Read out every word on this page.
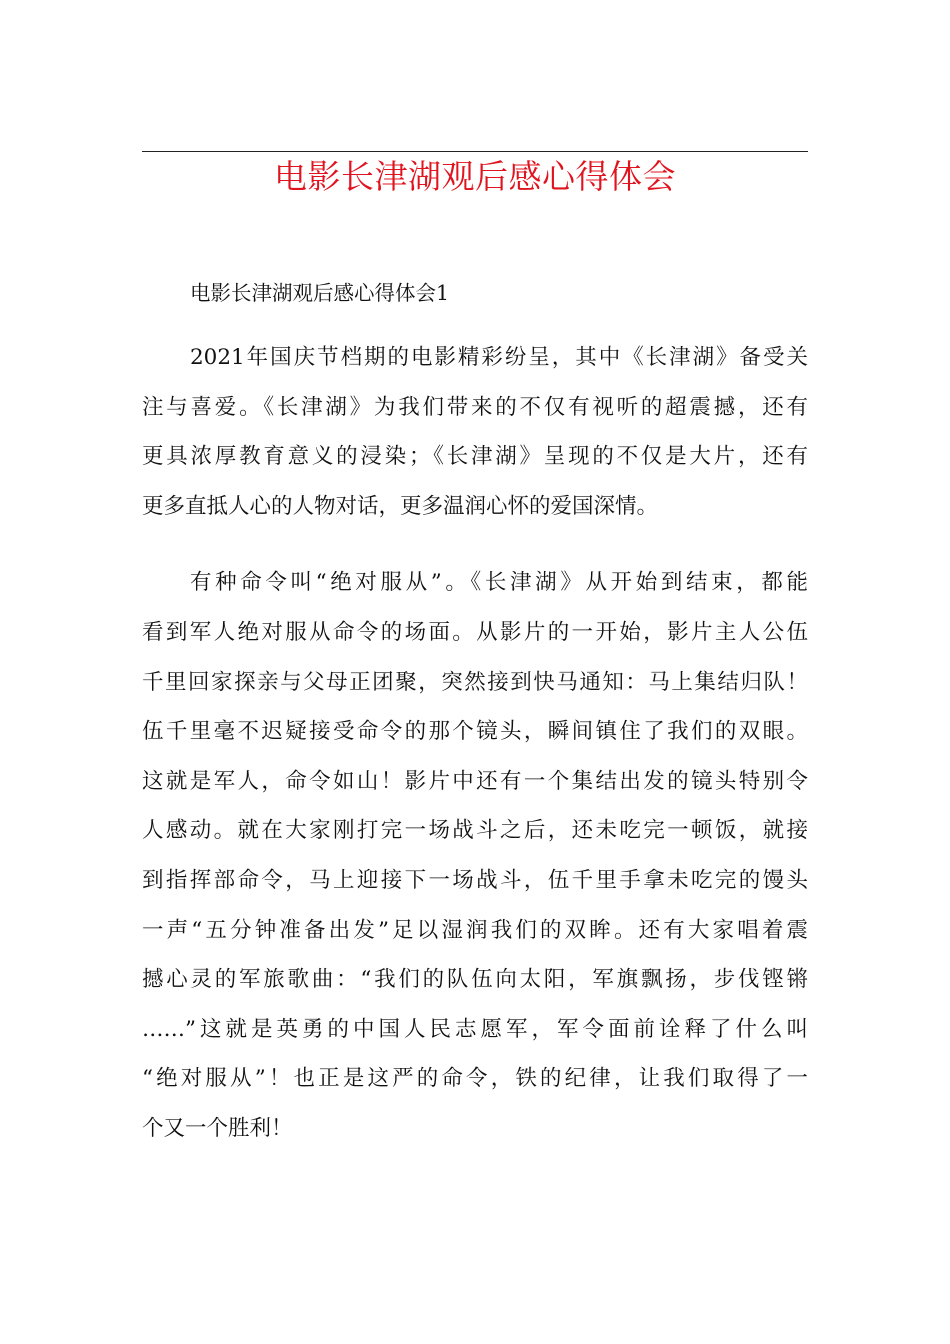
电影长津湖观后感心得体会

电影长津湖观后感心得体会1

2021年国庆节档期的电影精彩纷呈，其中《长津湖》备受关

注与喜爱。《长津湖》为我们带来的不仅有视听的超震撼，还有

更具浓厚教育意义的浸染；《长津湖》呈现的不仅是大片，还有

更多直抵人心的人物对话，更多温润心怀的爱国深情。

有种命令叫“绝对服从”。《长津湖》从开始到结束，都能

看到军人绝对服从命令的场面。从影片的一开始，影片主人公伍

千里回家探亲与父母正团聚，突然接到快马通知：马上集结归队！

伍千里毫不迟疑接受命令的那个镜头，瞬间镇住了我们的双眼。

这就是军人，命令如山！影片中还有一个集结出发的镜头特别令

人感动。就在大家刚打完一场战斗之后，还未吃完一顿饭，就接

到指挥部命令，马上迎接下一场战斗，伍千里手拿未吃完的馒头

一声“五分钟准备出发”足以湿润我们的双眸。还有大家唱着震

撼心灵的军旅歌曲：“我们的队伍向太阳，军旗飘扬，步伐铿锵

……”这就是英勇的中国人民志愿军，军令面前诠释了什么叫

“绝对服从”！也正是这严的命令，铁的纪律，让我们取得了一

个又一个胜利！
